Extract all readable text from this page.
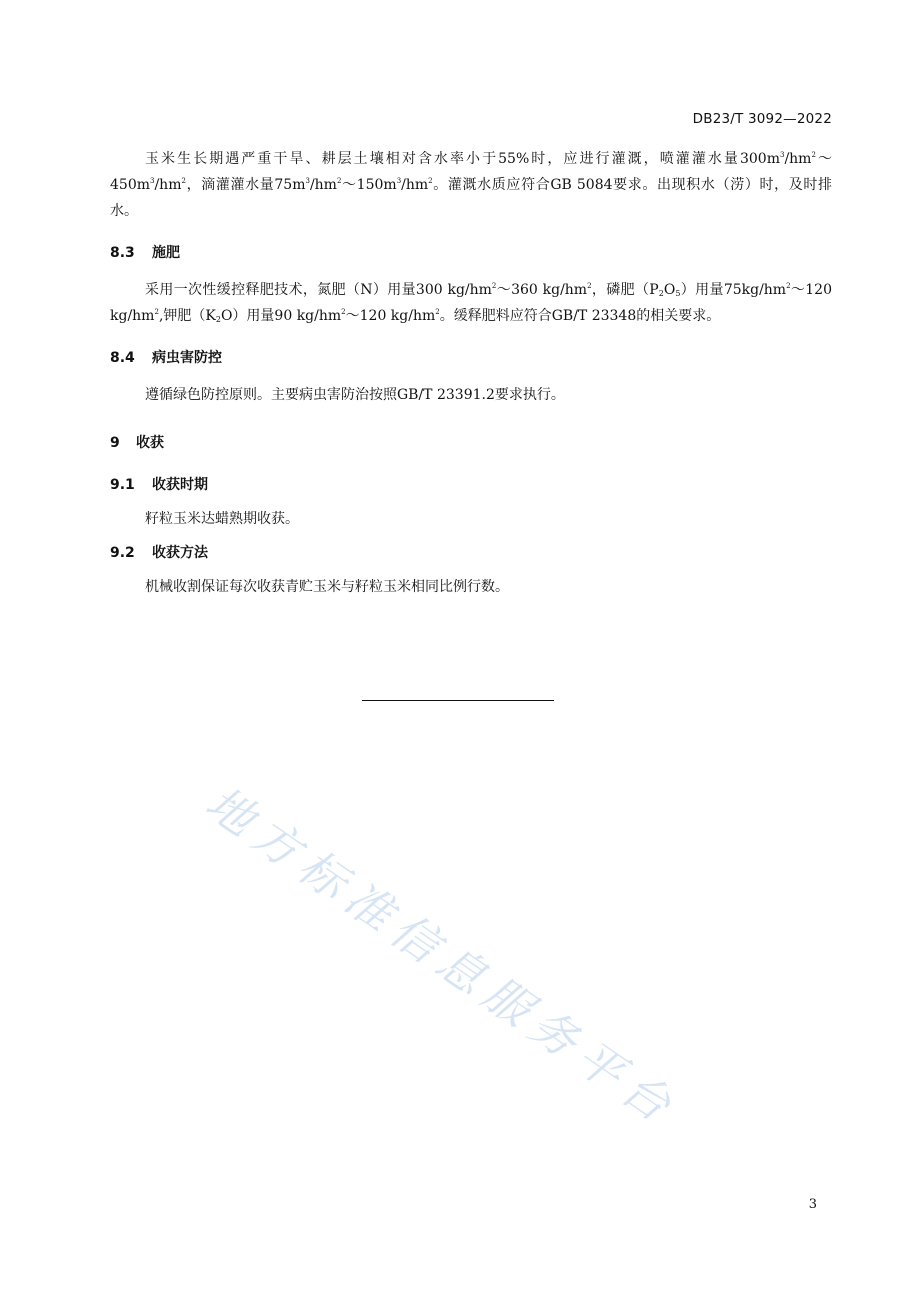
DB23/T 3092—2022

玉米生长期遇严重干旱、耕层土壤相对含水率小于55%时，应进行灌溉，喷灌灌水量$300m^3/hm^2\sim 450m^3/hm^2$，滴灌灌水量$75m^3/hm^2\sim 150m^3/hm^2$。灌溉水质应符合GB 5084要求。出现积水（涝）时，及时排水。

8.3 施肥

采用一次性缓控释肥技术，氮肥（N）用量300 $kg/hm^2\sim 360$ $kg/hm^2$，磷肥$(P_2O_5)$用量$75kg/hm^2\sim 120$ $kg/hm^2$,钾肥$(K_2O)$用量90 $kg/hm^2\sim 120$ $kg/hm^2$。缓释肥料应符合GB/T 23348的相关要求。

8.4 病虫害防控

遵循绿色防控原则。主要病虫害防治按照GB/T 23391.2要求执行。

9 收获
9.1 收获时期

籽粒玉米达蜡熟期收获。

9.2 收获方法

机械收割保证每次收获青贮玉米与籽粒玉米相同比例行数。

地方标准信息服务平台
3
